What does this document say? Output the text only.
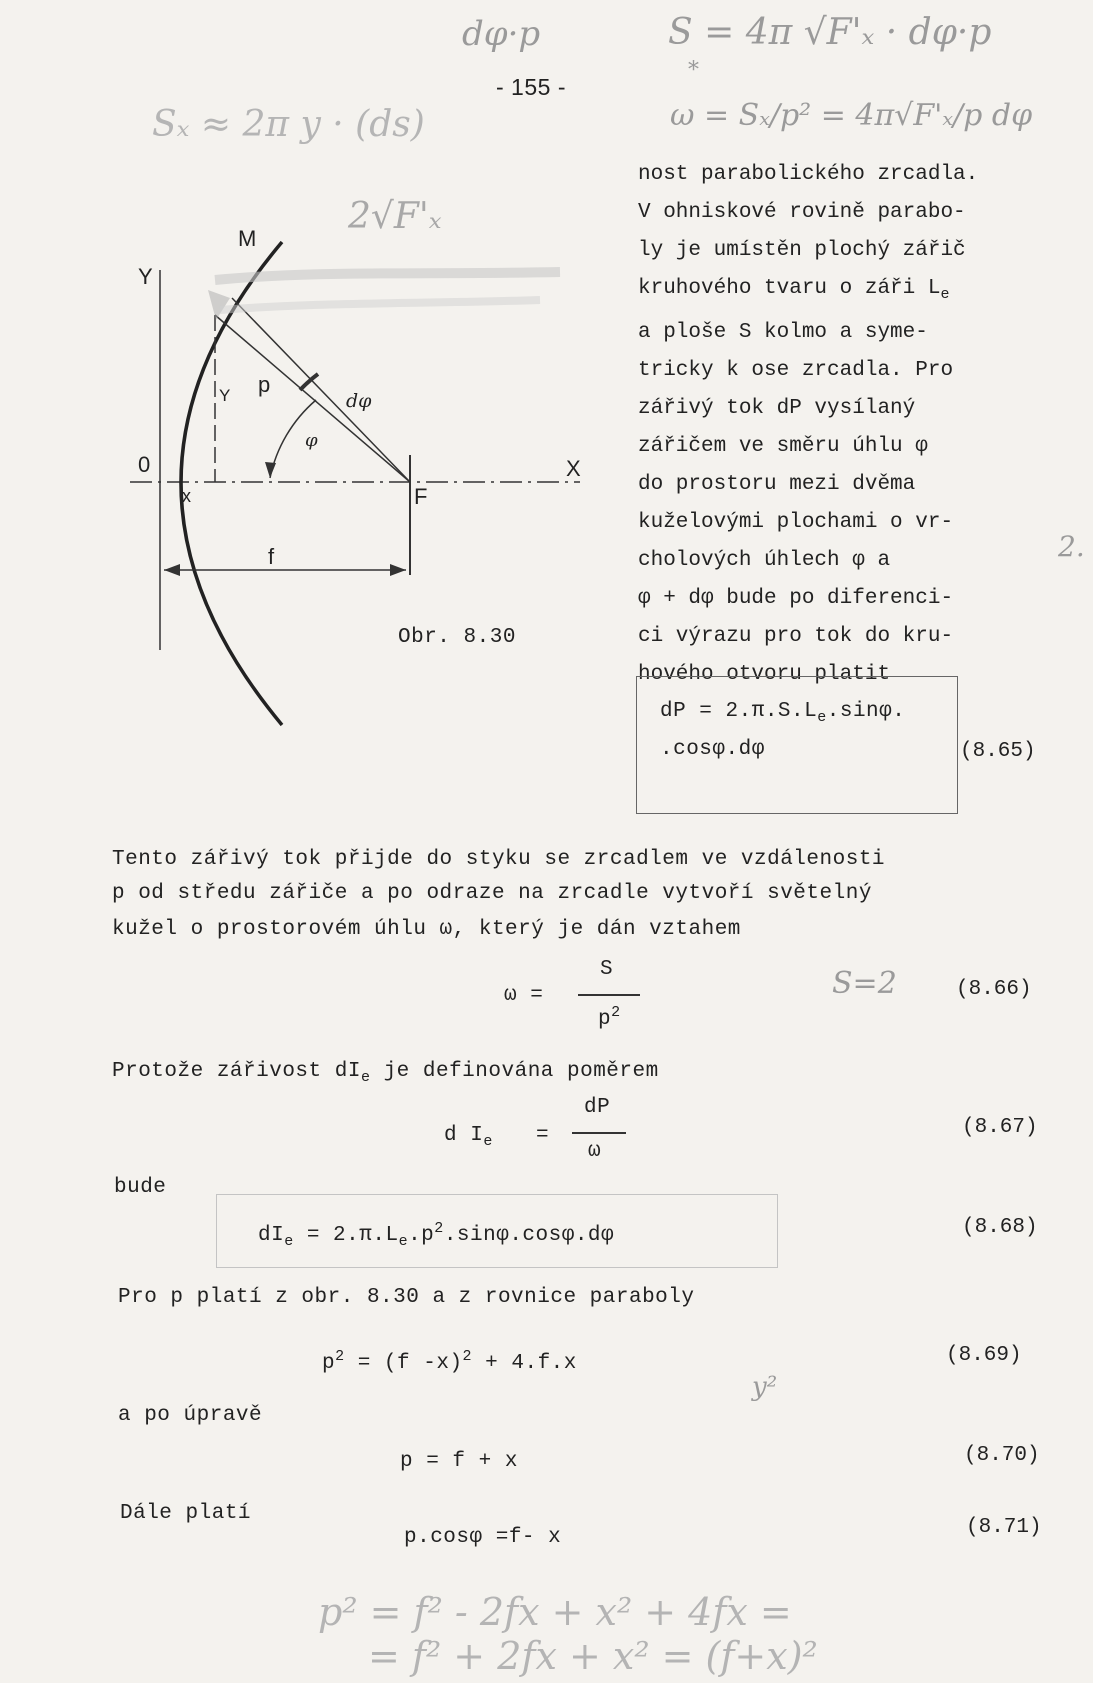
- 155 -
dφ·p	S = 4π √F'ₓ · dφ·p
*
ω = Sₓ/p² = 4π√F'ₓ/p dφ
Sₓ ≈ 2π y · (ds)
2√F'ₓ
2.
nost parabolického zrcadla.
V ohniskové rovině parabo-
ly je umístěn plochý zářič
kruhového tvaru o záři $L_e$
a ploše S kolmo a syme-
tricky k ose zrcadla. Pro
zářivý tok dP vysílaný
zářičem ve směru úhlu φ
do prostoru mezi dvěma
kuželovými plochami o vr-
cholových úhlech φ a
φ + dφ bude po diferenci-
ci výrazu pro tok do kru-
hového otvoru platit
dP = $2.\pi.S.L_e.\sin\varphi$.
.cosφ.dφ	(8.65)
M
Y
Y p
dφ
φ
0
x	F
X
f
Obr. 8.30
Tento zářivý tok přijde do styku se zrcadlem ve vzdálenosti
p od středu zářiče a po odraze na zrcadle vytvoří světelný
kužel o prostorovém úhlu ω, který je dán vztahem
ω =
S
$p^2$
S=2	(8.66)
Protože zářivost $dI_e$ je definována poměrem
d $I_e$ =
dP
ω
(8.67)
bude
$dI_e = 2.\pi.L_e.p^2.\sin\varphi.\cos\varphi.d\varphi$	(8.68)
Pro p platí z obr. 8.30 a z rovnice paraboly
$p^2 = (f$ -x)$^2$ + 4.f.x
y²
(8.69)
a po úpravě
p = f + x	(8.70)
Dále platí
p.cosφ =f- x	(8.71)
p² = f² - 2fx + x² + 4fx =
= f² + 2fx + x² = (f+x)²
